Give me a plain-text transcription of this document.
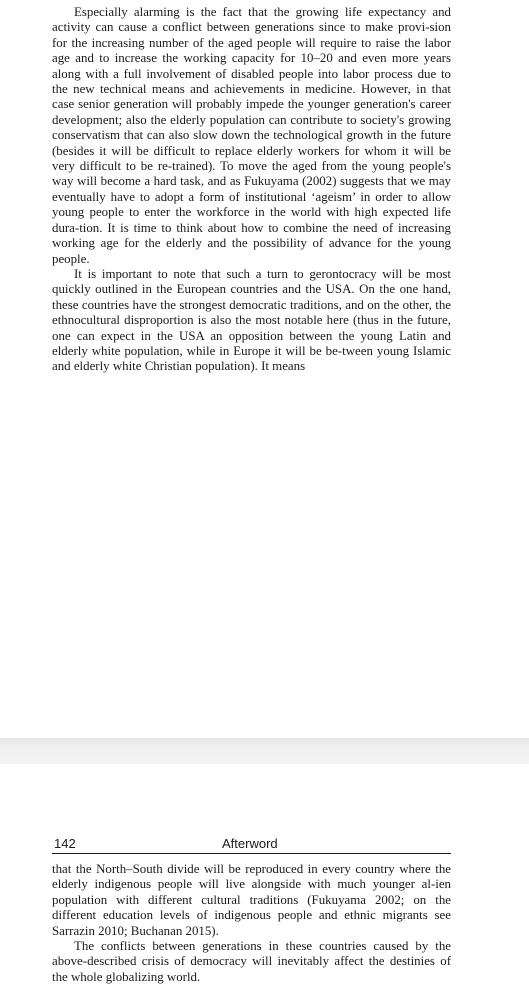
Especially alarming is the fact that the growing life expectancy and activity can cause a conflict between generations since to make provi-sion for the increasing number of the aged people will require to raise the labor age and to increase the working capacity for 10–20 and even more years along with a full involvement of disabled people into labor process due to the new technical means and achievements in medicine. However, in that case senior generation will probably impede the younger generation's career development; also the elderly population can contribute to society's growing conservatism that can also slow down the technological growth in the future (besides it will be difficult to replace elderly workers for whom it will be very difficult to be re-trained). To move the aged from the young people's way will become a hard task, and as Fukuyama (2002) suggests that we may eventually have to adopt a form of institutional ‘ageism’ in order to allow young people to enter the workforce in the world with high expected life dura-tion. It is time to think about how to combine the need of increasing working age for the elderly and the possibility of advance for the young people.

It is important to note that such a turn to gerontocracy will be most quickly outlined in the European countries and the USA. On the one hand, these countries have the strongest democratic traditions, and on the other, the ethnocultural disproportion is also the most notable here (thus in the future, one can expect in the USA an opposition between the young Latin and elderly white population, while in Europe it will be be-tween young Islamic and elderly white Christian population). It means

142	Afterword

that the North–South divide will be reproduced in every country where the elderly indigenous people will live alongside with much younger al-ien population with different cultural traditions (Fukuyama 2002; on the different education levels of indigenous people and ethnic migrants see Sarrazin 2010; Buchanan 2015).

The conflicts between generations in these countries caused by the above-described crisis of democracy will inevitably affect the destinies of the whole globalizing world.
